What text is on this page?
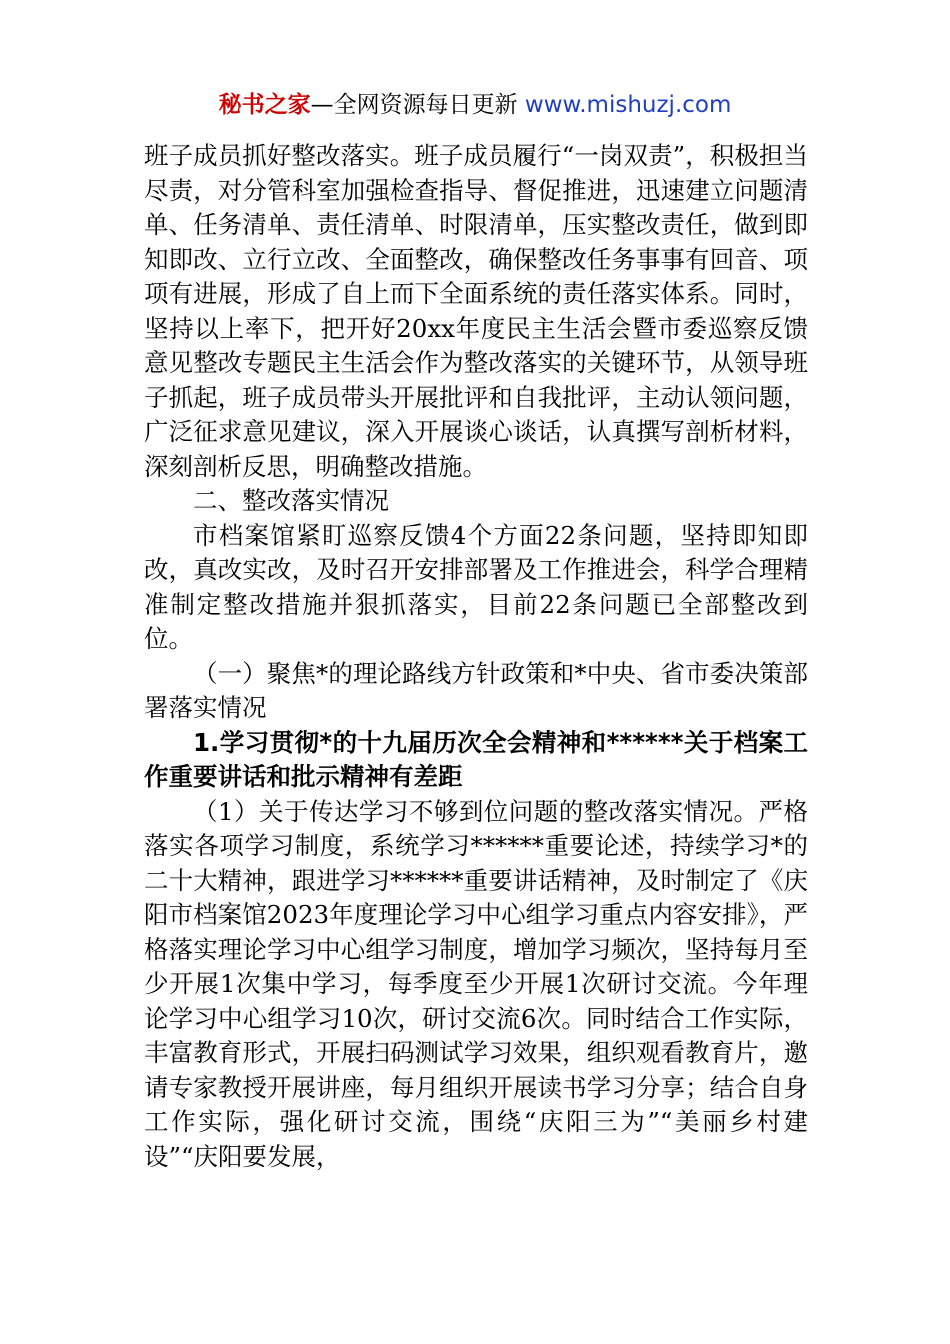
秘书之家—全网资源每日更新 www.mishuzj.com

班子成员抓好整改落实。班子成员履行“一岗双责”，积极担当尽责，对分管科室加强检查指导、督促推进，迅速建立问题清单、任务清单、责任清单、时限清单，压实整改责任，做到即知即改、立行立改、全面整改，确保整改任务事事有回音、项项有进展，形成了自上而下全面系统的责任落实体系。同时，坚持以上率下，把开好20xx年度民主生活会暨市委巡察反馈意见整改专题民主生活会作为整改落实的关键环节，从领导班子抓起，班子成员带头开展批评和自我批评，主动认领问题，广泛征求意见建议，深入开展谈心谈话，认真撰写剖析材料，深刻剖析反思，明确整改措施。

二、整改落实情况

市档案馆紧盯巡察反馈4个方面22条问题，坚持即知即改，真改实改，及时召开安排部署及工作推进会，科学合理精准制定整改措施并狠抓落实，目前22条问题已全部整改到位。

（一）聚焦*的理论路线方针政策和*中央、省市委决策部署落实情况

1.学习贯彻*的十九届历次全会精神和******关于档案工作重要讲话和批示精神有差距

（1）关于传达学习不够到位问题的整改落实情况。严格落实各项学习制度，系统学习******重要论述，持续学习*的二十大精神，跟进学习******重要讲话精神，及时制定了《庆阳市档案馆2023年度理论学习中心组学习重点内容安排》，严格落实理论学习中心组学习制度，增加学习频次，坚持每月至少开展1次集中学习，每季度至少开展1次研讨交流。今年理论学习中心组学习10次，研讨交流6次。同时结合工作实际，丰富教育形式，开展扫码测试学习效果，组织观看教育片，邀请专家教授开展讲座，每月组织开展读书学习分享；结合自身工作实际，强化研讨交流，围绕“庆阳三为”“美丽乡村建设”“庆阳要发展，
